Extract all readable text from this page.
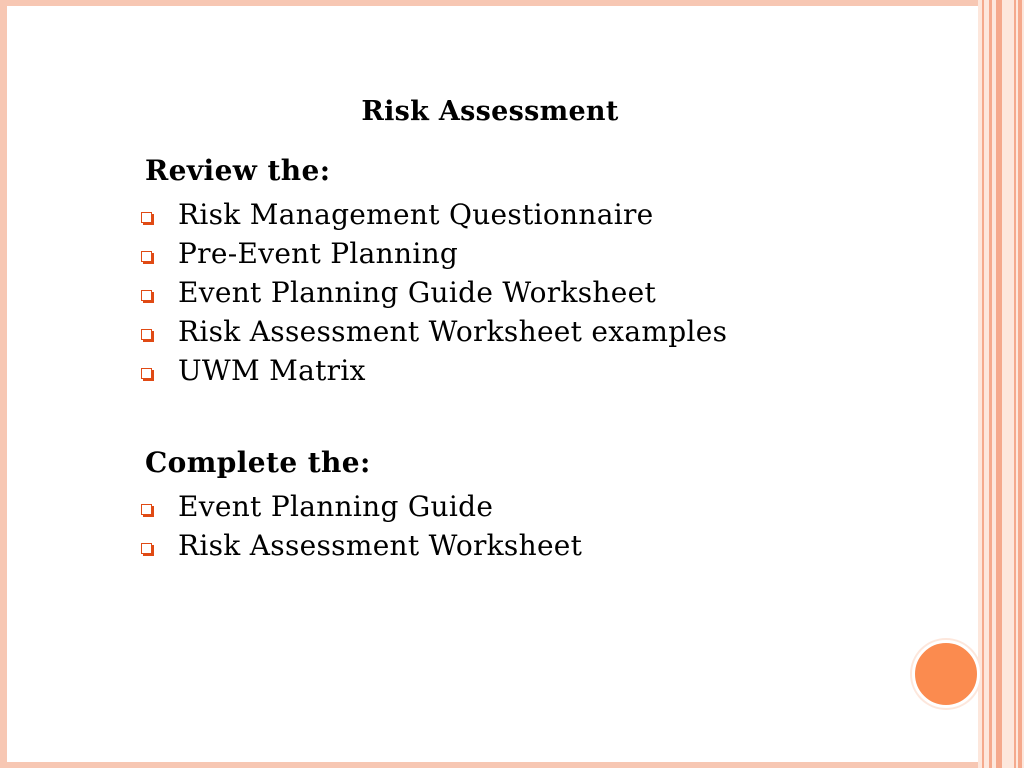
Risk Assessment
Review the:
Risk Management Questionnaire
Pre-Event Planning
Event Planning Guide Worksheet
Risk Assessment Worksheet examples
UWM Matrix
Complete the:
Event Planning Guide
Risk Assessment Worksheet
